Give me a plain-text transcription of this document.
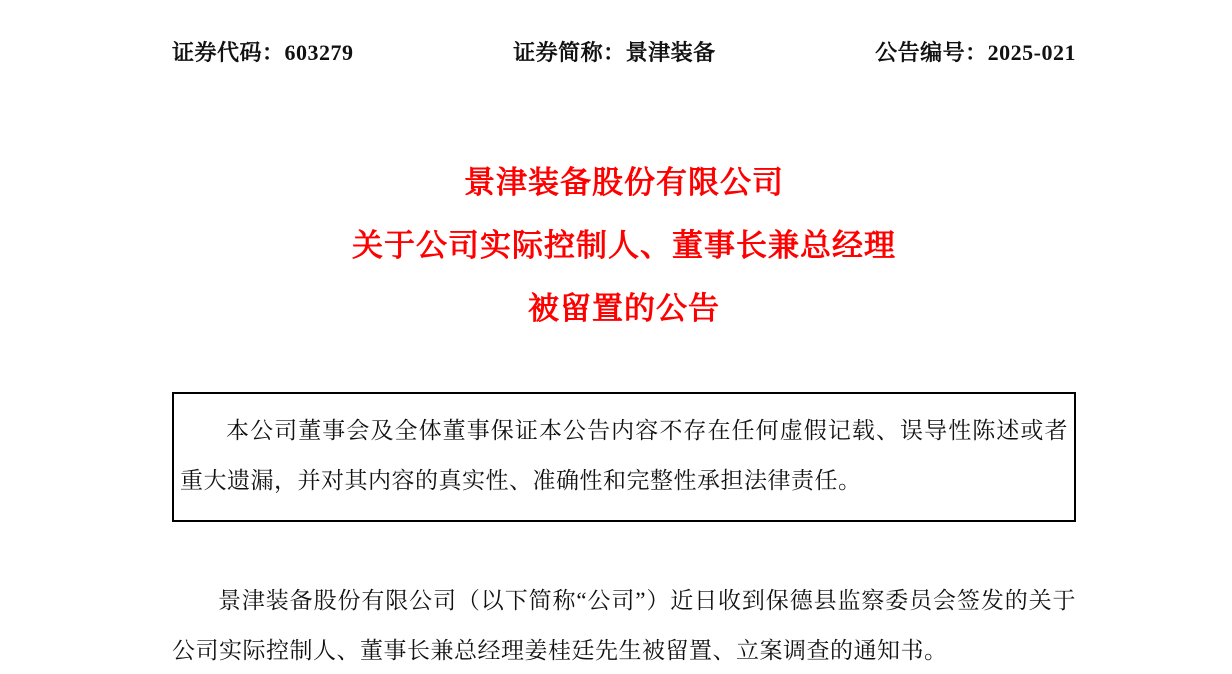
证券代码：603279	证券简称：景津装备	公告编号：2025-021
景津装备股份有限公司
关于公司实际控制人、董事长兼总经理
被留置的公告

本公司董事会及全体董事保证本公告内容不存在任何虚假记载、误导性陈述或者重大遗漏，并对其内容的真实性、准确性和完整性承担法律责任。

景津装备股份有限公司（以下简称“公司”）近日收到保德县监察委员会签发的关于公司实际控制人、董事长兼总经理姜桂廷先生被留置、立案调查的通知书。
